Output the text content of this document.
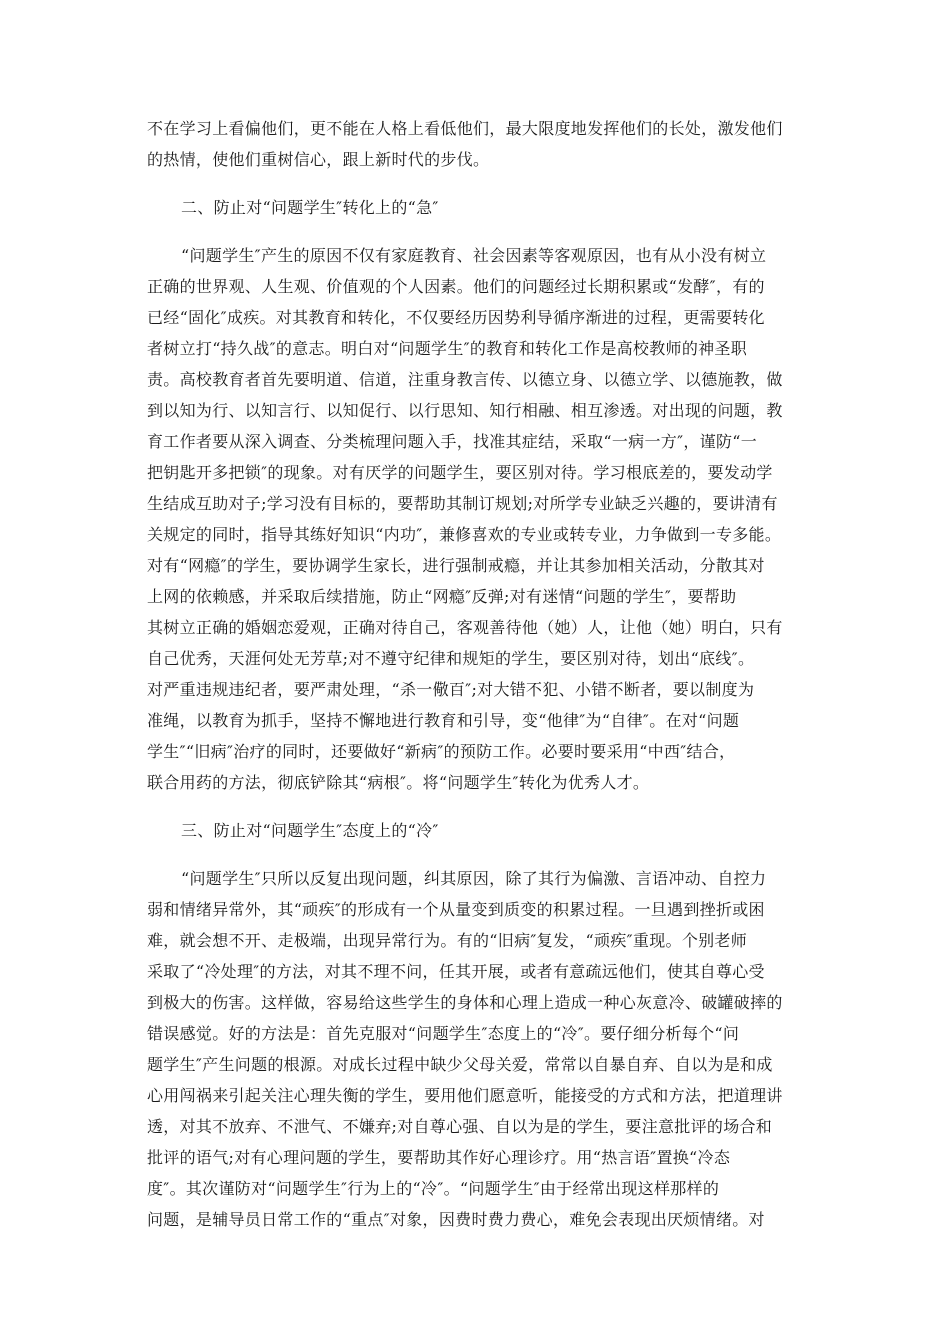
不在学习上看偏他们，更不能在人格上看低他们，最大限度地发挥他们的长处，激发他们
的热情，使他们重树信心，跟上新时代的步伐。
二、防止对“问题学生″转化上的“急″
“问题学生″产生的原因不仅有家庭教育、社会因素等客观原因，也有从小没有树立
正确的世界观、人生观、价值观的个人因素。他们的问题经过长期积累或“发酵″，有的
已经“固化″成疾。对其教育和转化，不仅要经历因势利导循序渐进的过程，更需要转化
者树立打“持久战″的意志。明白对“问题学生″的教育和转化工作是高校教师的神圣职
责。高校教育者首先要明道、信道，注重身教言传、以德立身、以德立学、以德施教，做
到以知为行、以知言行、以知促行、以行思知、知行相融、相互渗透。对出现的问题，教
育工作者要从深入调查、分类梳理问题入手，找准其症结，采取“一病一方″，谨防“一
把钥匙开多把锁″的现象。对有厌学的问题学生，要区别对待。学习根底差的，要发动学
生结成互助对子;学习没有目标的，要帮助其制订规划;对所学专业缺乏兴趣的，要讲清有
关规定的同时，指导其练好知识“内功″，兼修喜欢的专业或转专业，力争做到一专多能。
对有“网瘾″的学生，要协调学生家长，进行强制戒瘾，并让其参加相关活动，分散其对
上网的依赖感，并采取后续措施，防止“网瘾″反弹;对有迷情“问题的学生″，要帮助
其树立正确的婚姻恋爱观，正确对待自己，客观善待他（她）人，让他（她）明白，只有
自己优秀，天涯何处无芳草;对不遵守纪律和规矩的学生，要区别对待，划出“底线″。
对严重违规违纪者，要严肃处理，“杀一儆百″;对大错不犯、小错不断者，要以制度为
准绳，以教育为抓手，坚持不懈地进行教育和引导，变“他律″为“自律″。在对“问题
学生″“旧病″治疗的同时，还要做好“新病″的预防工作。必要时要采用“中西″结合，
联合用药的方法，彻底铲除其“病根″。将“问题学生″转化为优秀人才。
三、防止对“问题学生″态度上的“冷″
“问题学生″只所以反复出现问题，纠其原因，除了其行为偏激、言语冲动、自控力
弱和情绪异常外，其“顽疾″的形成有一个从量变到质变的积累过程。一旦遇到挫折或困
难，就会想不开、走极端，出现异常行为。有的“旧病″复发，“顽疾″重现。个别老师
采取了“冷处理″的方法，对其不理不问，任其开展，或者有意疏远他们，使其自尊心受
到极大的伤害。这样做，容易给这些学生的身体和心理上造成一种心灰意冷、破罐破摔的
错误感觉。好的方法是：首先克服对“问题学生″态度上的“冷″。要仔细分析每个“问
题学生″产生问题的根源。对成长过程中缺少父母关爱，常常以自暴自弃、自以为是和成
心用闯祸来引起关注心理失衡的学生，要用他们愿意听，能接受的方式和方法，把道理讲
透，对其不放弃、不泄气、不嫌弃;对自尊心强、自以为是的学生，要注意批评的场合和
批评的语气;对有心理问题的学生，要帮助其作好心理诊疗。用“热言语″置换“冷态
度″。其次谨防对“问题学生″行为上的“冷″。“问题学生″由于经常出现这样那样的
问题，是辅导员日常工作的“重点″对象，因费时费力费心，难免会表现出厌烦情绪。对
